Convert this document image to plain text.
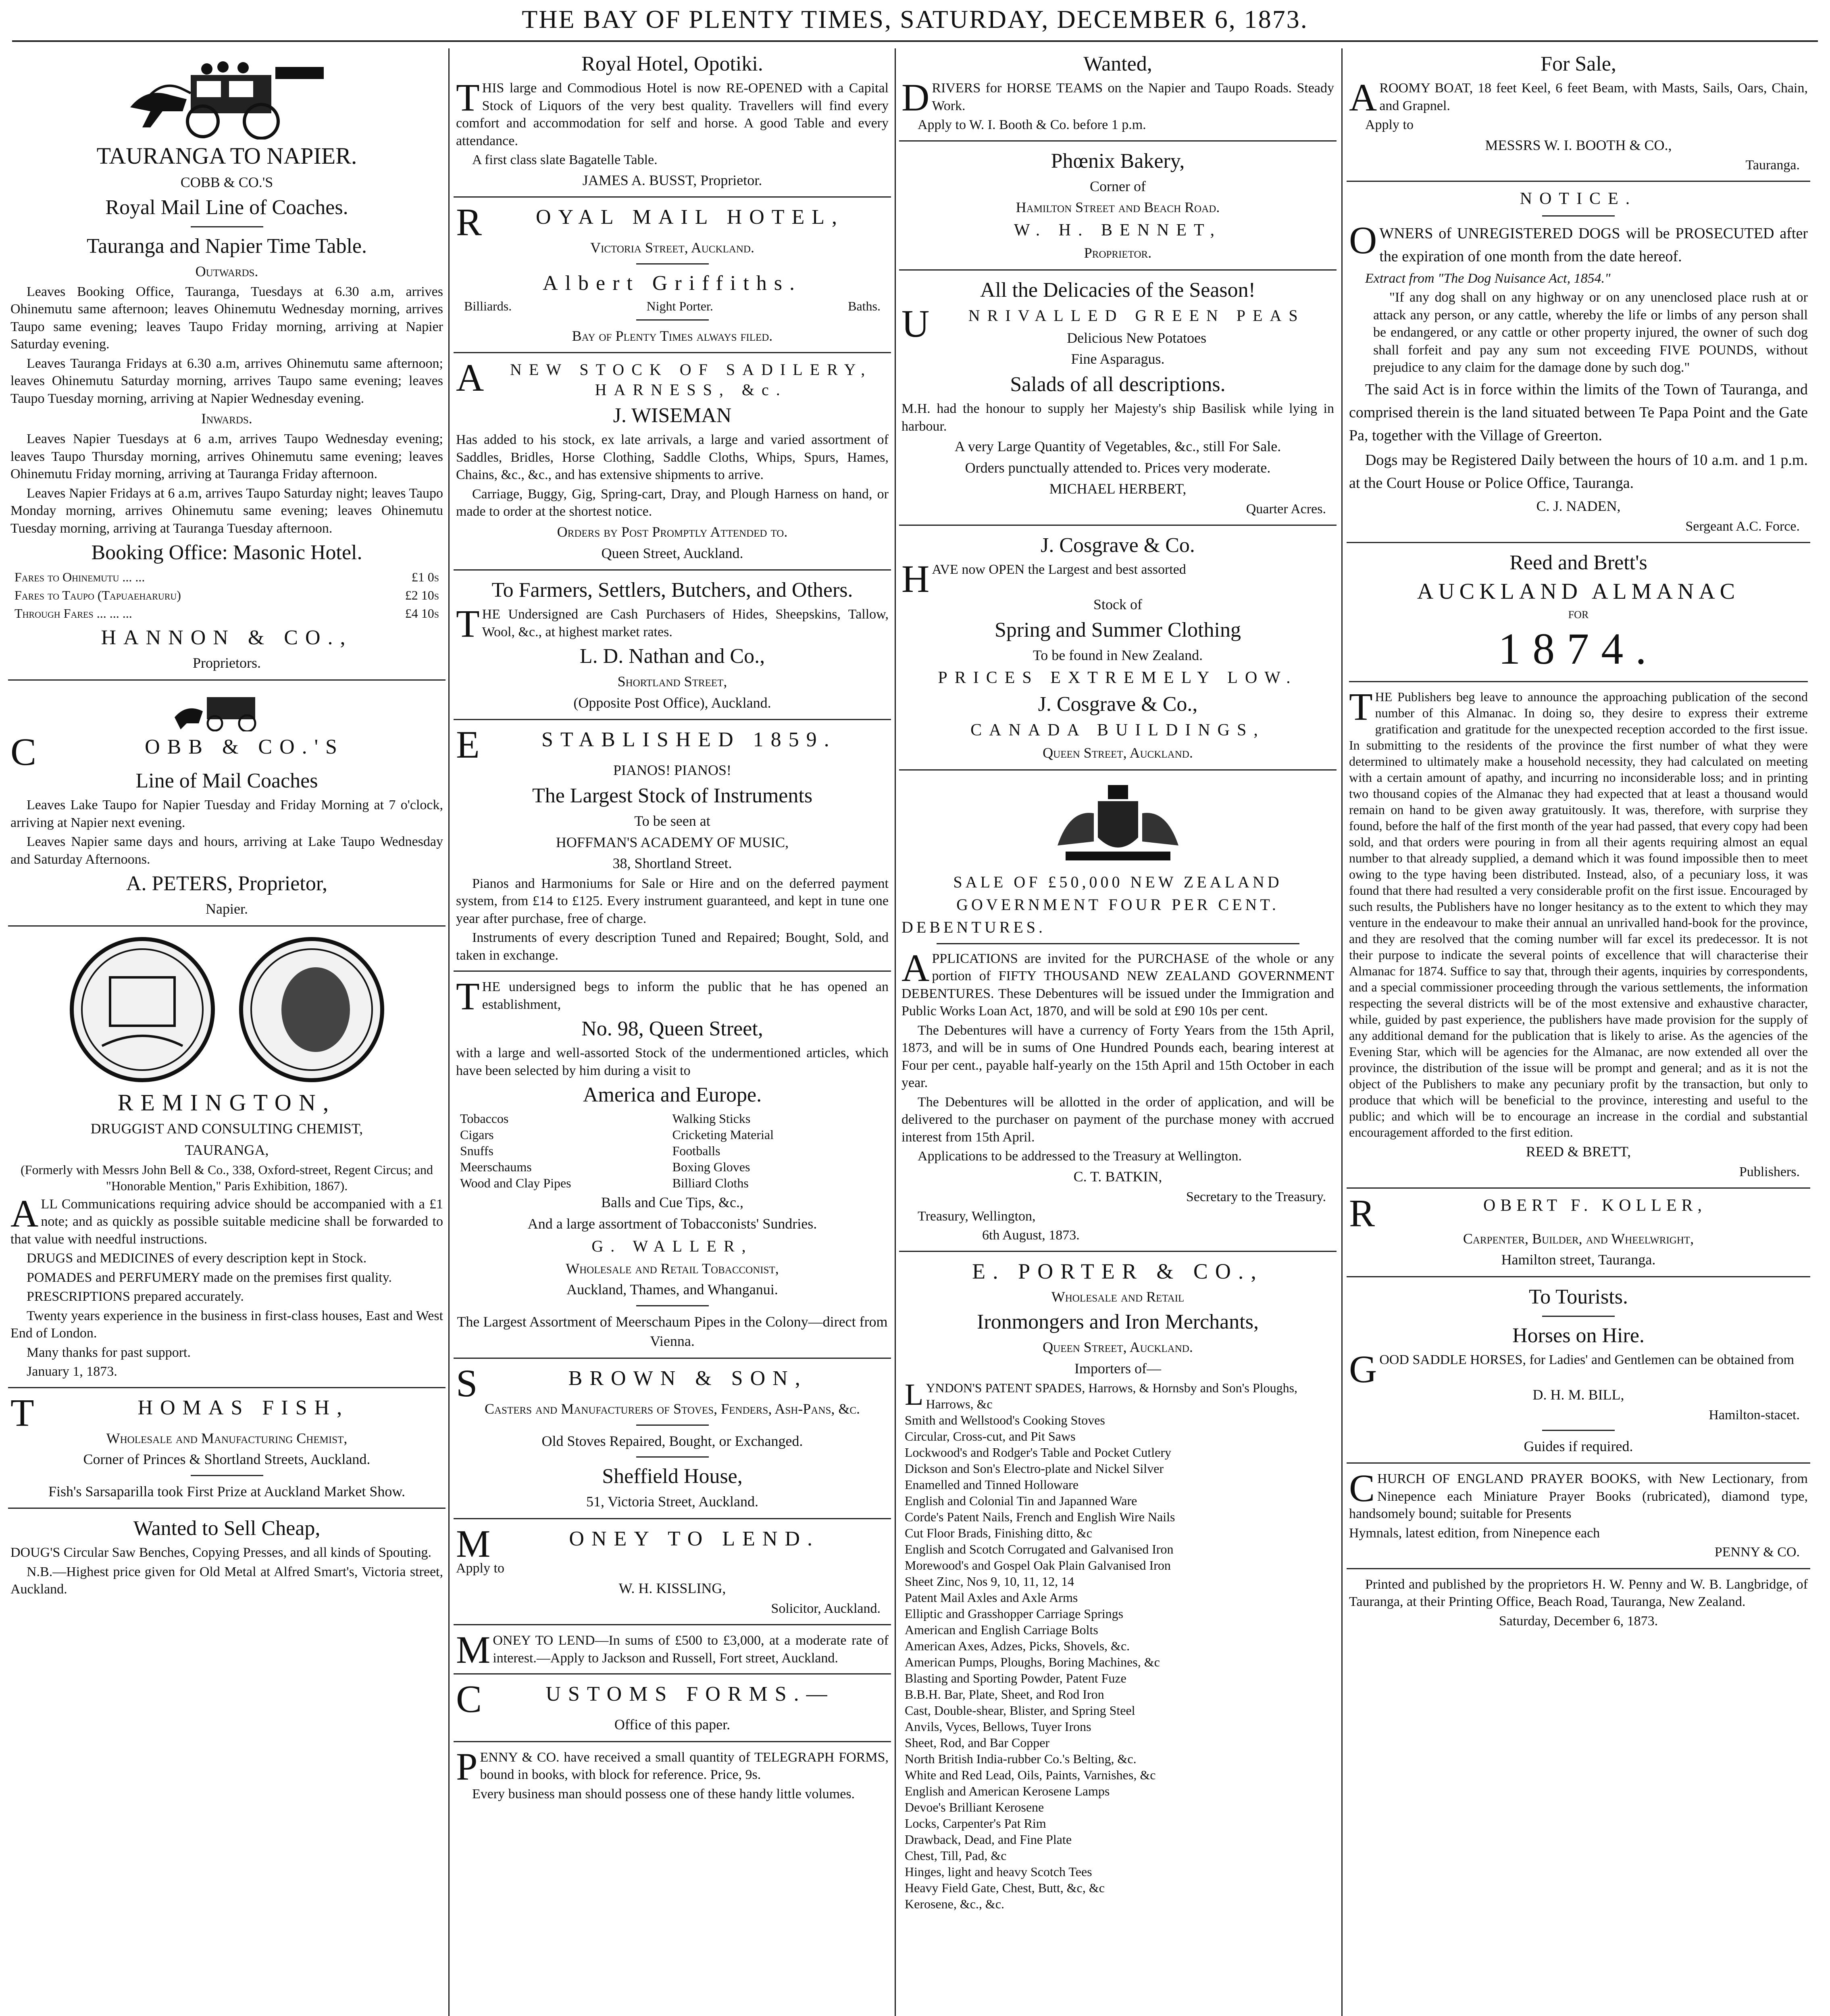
THE BAY OF PLENTY TIMES, SATURDAY, DECEMBER 6, 1873.
TAURANGA TO NAPIER.
COBB & CO.'S
Royal Mail Line of Coaches.
Tauranga and Napier Time Table.
Outwards.

Leaves Booking Office, Tauranga, Tuesdays at 6.30 a.m, arrives Ohinemutu same afternoon; leaves Ohinemutu Wednesday morning, arrives Taupo same evening; leaves Taupo Friday morning, arriving at Napier Saturday evening.

Leaves Tauranga Fridays at 6.30 a.m, arrives Ohinemutu same afternoon; leaves Ohinemutu Saturday morning, arrives Taupo same evening; leaves Taupo Tuesday morning, arriving at Napier Wednesday evening.

Inwards.

Leaves Napier Tuesdays at 6 a.m, arrives Taupo Wednesday evening; leaves Taupo Thursday morning, arrives Ohinemutu same evening; leaves Ohinemutu Friday morning, arriving at Tauranga Friday afternoon.

Leaves Napier Fridays at 6 a.m, arrives Taupo Saturday night; leaves Taupo Monday morning, arrives Ohinemutu same evening; leaves Ohinemutu Tuesday morning, arriving at Tauranga Tuesday afternoon.

Booking Office: Masonic Hotel.
Fares to Ohinemutu ... ...	£1 0s
Fares to Taupo (Tapuaeharuru)	£2 10s
Through Fares ... ... ...	£4 10s
HANNON & CO.,
Proprietors.
C	OBB & CO.'S
Line of Mail Coaches

Leaves Lake Taupo for Napier Tuesday and Friday Morning at 7 o'clock, arriving at Napier next evening.

Leaves Napier same days and hours, arriving at Lake Taupo Wednesday and Saturday Afternoons.

A. PETERS, Proprietor,
Napier.
REMINGTON,
DRUGGIST AND CONSULTING CHEMIST,
TAURANGA,

(Formerly with Messrs John Bell & Co., 338, Oxford-street, Regent Circus; and "Honorable Mention," Paris Exhibition, 1867).

ALL Communications requiring advice should be accompanied with a £1 note; and as quickly as possible suitable medicine shall be forwarded to that value with needful instructions.

DRUGS and MEDICINES of every description kept in Stock.

POMADES and PERFUMERY made on the premises first quality.

PRESCRIPTIONS prepared accurately.

Twenty years experience in the business in first-class houses, East and West End of London.

Many thanks for past support.

January 1, 1873.

T	HOMAS FISH,
Wholesale and Manufacturing Chemist,
Corner of Princes & Shortland Streets, Auckland.
Fish's Sarsaparilla took First Prize at Auckland Market Show.
Wanted to Sell Cheap,

DOUG'S Circular Saw Benches, Copying Presses, and all kinds of Spouting.

N.B.—Highest price given for Old Metal at Alfred Smart's, Victoria street, Auckland.

Royal Hotel, Opotiki.

THIS large and Commodious Hotel is now RE-OPENED with a Capital Stock of Liquors of the very best quality. Travellers will find every comfort and accommodation for self and horse. A good Table and every attendance.

A first class slate Bagatelle Table.

JAMES A. BUSST, Proprietor.
R OYAL MAIL HOTEL,
Victoria Street, Auckland.
Albert Griffiths.
Billiards.	Night Porter.	Baths.
Bay of Plenty Times always filed.
A NEW STOCK OF SADILERY, HARNESS, &c.
J. WISEMAN

Has added to his stock, ex late arrivals, a large and varied assortment of Saddles, Bridles, Horse Clothing, Saddle Cloths, Whips, Spurs, Hames, Chains, &c., &c., and has extensive shipments to arrive.

Carriage, Buggy, Gig, Spring-cart, Dray, and Plough Harness on hand, or made to order at the shortest notice.

Orders by Post Promptly Attended to.
Queen Street, Auckland.
To Farmers, Settlers, Butchers, and Others.

THE Undersigned are Cash Purchasers of Hides, Sheepskins, Tallow, Wool, &c., at highest market rates.

L. D. Nathan and Co.,
Shortland Street,
(Opposite Post Office), Auckland.
E	STABLISHED 1859.
PIANOS! PIANOS!
The Largest Stock of Instruments
To be seen at
HOFFMAN'S ACADEMY OF MUSIC,
38, Shortland Street.

Pianos and Harmoniums for Sale or Hire and on the deferred payment system, from £14 to £125. Every instrument guaranteed, and kept in tune one year after purchase, free of charge.

Instruments of every description Tuned and Repaired; Bought, Sold, and taken in exchange.

THE undersigned begs to inform the public that he has opened an establishment,

No. 98, Queen Street,

with a large and well-assorted Stock of the undermentioned articles, which have been selected by him during a visit to

America and Europe.
Tobaccos	Walking Sticks
Cigars	Cricketing Material
Snuffs	Footballs
Meerschaums	Boxing Gloves
Wood and Clay Pipes	Billiard Cloths
Balls and Cue Tips, &c.,
And a large assortment of Tobacconists' Sundries.
G. WALLER,
Wholesale and Retail Tobacconist,
Auckland, Thames, and Whanganui.
The Largest Assortment of Meerschaum Pipes in the Colony—direct from Vienna.
S	BROWN & SON,
Casters and Manufacturers of Stoves, Fenders, Ash-Pans, &c.
Old Stoves Repaired, Bought, or Exchanged.
Sheffield House,
51, Victoria Street, Auckland.
M	ONEY TO LEND.

Apply to

W. H. KISSLING,
Solicitor, Auckland.

MONEY TO LEND—In sums of £500 to £3,000, at a moderate rate of interest.—Apply to Jackson and Russell, Fort street, Auckland.

C	USTOMS FORMS.—
Office of this paper.

PENNY & CO. have received a small quantity of TELEGRAPH FORMS, bound in books, with block for reference. Price, 9s.

Every business man should possess one of these handy little volumes.

Wanted,

DRIVERS for HORSE TEAMS on the Napier and Taupo Roads. Steady Work.

Apply to W. I. Booth & Co. before 1 p.m.

Phœnix Bakery,
Corner of
Hamilton Street and Beach Road.
W. H. BENNET,
Proprietor.
All the Delicacies of the Season!
U NRIVALLED GREEN PEAS
Delicious New Potatoes
Fine Asparagus.
Salads of all descriptions.

M.H. had the honour to supply her Majesty's ship Basilisk while lying in harbour.

A very Large Quantity of Vegetables, &c., still For Sale.
Orders punctually attended to. Prices very moderate.
MICHAEL HERBERT,
Quarter Acres.
J. Cosgrave & Co.

HAVE now OPEN the Largest and best assorted

Stock of
Spring and Summer Clothing
To be found in New Zealand.
PRICES EXTREMELY LOW.
J. Cosgrave & Co.,
CANADA BUILDINGS,
Queen Street, Auckland.
SALE OF £50,000 NEW ZEALAND
GOVERNMENT FOUR PER CENT.
DEBENTURES.

APPLICATIONS are invited for the PURCHASE of the whole or any portion of FIFTY THOUSAND NEW ZEALAND GOVERNMENT DEBENTURES. These Debentures will be issued under the Immigration and Public Works Loan Act, 1870, and will be sold at £90 10s per cent.

The Debentures will have a currency of Forty Years from the 15th April, 1873, and will be in sums of One Hundred Pounds each, bearing interest at Four per cent., payable half-yearly on the 15th April and 15th October in each year.

The Debentures will be allotted in the order of application, and will be delivered to the purchaser on payment of the purchase money with accrued interest from 15th April.

Applications to be addressed to the Treasury at Wellington.

C. T. BATKIN,
Secretary to the Treasury.

Treasury, Wellington,

6th August, 1873.

E. PORTER & CO.,
Wholesale and Retail
Ironmongers and Iron Merchants,
Queen Street, Auckland.
Importers of—
LYNDON'S PATENT SPADES, Harrows, & Hornsby and Son's Ploughs, Harrows, &c
Smith and Wellstood's Cooking Stoves
Circular, Cross-cut, and Pit Saws
Lockwood's and Rodger's Table and Pocket Cutlery
Dickson and Son's Electro-plate and Nickel Silver
Enamelled and Tinned Holloware
English and Colonial Tin and Japanned Ware
Corde's Patent Nails, French and English Wire Nails
Cut Floor Brads, Finishing ditto, &c
English and Scotch Corrugated and Galvanised Iron
Morewood's and Gospel Oak Plain Galvanised Iron
Sheet Zinc, Nos 9, 10, 11, 12, 14
Patent Mail Axles and Axle Arms
Elliptic and Grasshopper Carriage Springs
American and English Carriage Bolts
American Axes, Adzes, Picks, Shovels, &c.
American Pumps, Ploughs, Boring Machines, &c
Blasting and Sporting Powder, Patent Fuze
B.B.H. Bar, Plate, Sheet, and Rod Iron
Cast, Double-shear, Blister, and Spring Steel
Anvils, Vyces, Bellows, Tuyer Irons
Sheet, Rod, and Bar Copper
North British India-rubber Co.'s Belting, &c.
White and Red Lead, Oils, Paints, Varnishes, &c
English and American Kerosene Lamps
Devoe's Brilliant Kerosene
Locks, Carpenter's Pat Rim
Drawback, Dead, and Fine Plate
Chest, Till, Pad, &c
Hinges, light and heavy Scotch Tees
Heavy Field Gate, Chest, Butt, &c, &c
Kerosene, &c., &c.
For Sale,

AROOMY BOAT, 18 feet Keel, 6 feet Beam, with Masts, Sails, Oars, Chain, and Grapnel.

Apply to

MESSRS W. I. BOOTH & CO.,
Tauranga.
NOTICE.

OWNERS of UNREGISTERED DOGS will be PROSECUTED after the expiration of one month from the date hereof.

Extract from "The Dog Nuisance Act, 1854."

"If any dog shall on any highway or on any unenclosed place rush at or attack any person, or any cattle, whereby the life or limbs of any person shall be endangered, or any cattle or other property injured, the owner of such dog shall forfeit and pay any sum not exceeding FIVE POUNDS, without prejudice to any claim for the damage done by such dog."

The said Act is in force within the limits of the Town of Tauranga, and comprised therein is the land situated between Te Papa Point and the Gate Pa, together with the Village of Greerton.

Dogs may be Registered Daily between the hours of 10 a.m. and 1 p.m. at the Court House or Police Office, Tauranga.

C. J. NADEN,
Sergeant A.C. Force.
Reed and Brett's
AUCKLAND ALMANAC
FOR
1874.

THE Publishers beg leave to announce the approaching publication of the second number of this Almanac. In doing so, they desire to express their extreme gratification and gratitude for the unexpected reception accorded to the first issue. In submitting to the residents of the province the first number of what they were determined to ultimately make a household necessity, they had calculated on meeting with a certain amount of apathy, and incurring no inconsiderable loss; and in printing two thousand copies of the Almanac they had expected that at least a thousand would remain on hand to be given away gratuitously. It was, therefore, with surprise they found, before the half of the first month of the year had passed, that every copy had been sold, and that orders were pouring in from all their agents requiring almost an equal number to that already supplied, a demand which it was found impossible then to meet owing to the type having been distributed. Instead, also, of a pecuniary loss, it was found that there had resulted a very considerable profit on the first issue. Encouraged by such results, the Publishers have no longer hesitancy as to the extent to which they may venture in the endeavour to make their annual an unrivalled hand-book for the province, and they are resolved that the coming number will far excel its predecessor. It is not their purpose to indicate the several points of excellence that will characterise their Almanac for 1874. Suffice to say that, through their agents, inquiries by correspondents, and a special commissioner proceeding through the various settlements, the information respecting the several districts will be of the most extensive and exhaustive character, while, guided by past experience, the publishers have made provision for the supply of any additional demand for the publication that is likely to arise. As the agencies of the Evening Star, which will be agencies for the Almanac, are now extended all over the province, the distribution of the issue will be prompt and general; and as it is not the object of the Publishers to make any pecuniary profit by the transaction, but only to produce that which will be beneficial to the province, interesting and useful to the public; and which will be to encourage an increase in the cordial and substantial encouragement afforded to the first edition.

REED & BRETT,
Publishers.
R	OBERT F. KOLLER,
Carpenter, Builder, and Wheelwright,
Hamilton street, Tauranga.
To Tourists.
Horses on Hire.

GOOD SADDLE HORSES, for Ladies' and Gentlemen can be obtained from

D. H. M. BILL,
Hamilton-stacet.
Guides if required.

CHURCH OF ENGLAND PRAYER BOOKS, with New Lectionary, from Ninepence each Miniature Prayer Books (rubricated), diamond type, handsomely bound; suitable for Presents

Hymnals, latest edition, from Ninepence each

PENNY & CO.

Printed and published by the proprietors H. W. Penny and W. B. Langbridge, of Tauranga, at their Printing Office, Beach Road, Tauranga, New Zealand.

Saturday, December 6, 1873.
